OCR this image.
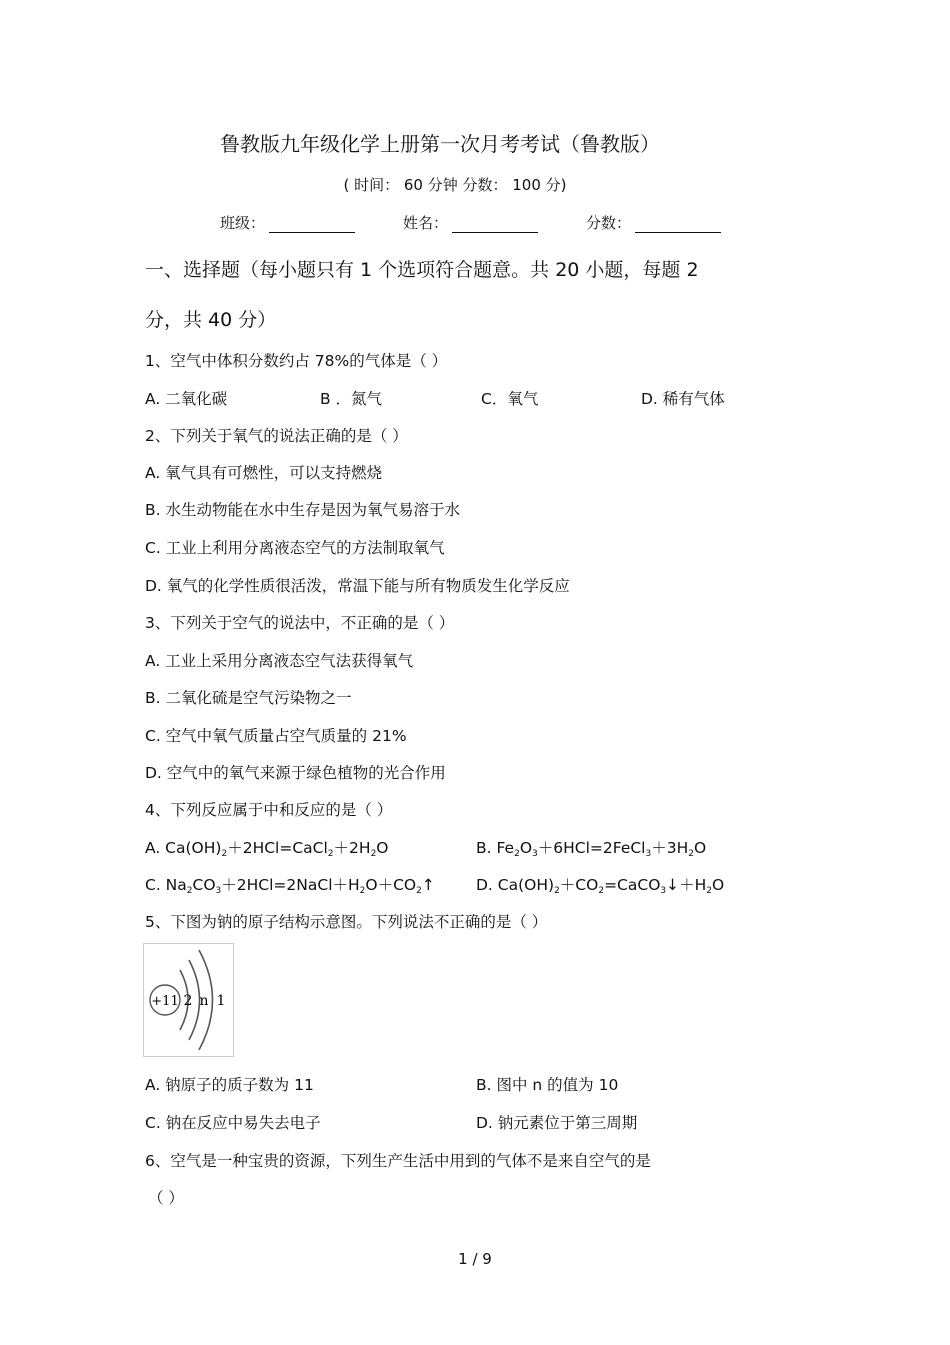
鲁教版九年级化学上册第一次月考考试（鲁教版）
( 时间： 60 分钟 分数： 100 分)
班级：	姓名：	分数：
一、选择题（每小题只有 1 个选项符合题意。共 20 小题，每题 2
分，共 40 分）
1、空气中体积分数约占 78%的气体是（ ）
A. 二氧化碳	B ．氮气	C．氧气	D. 稀有气体
2、下列关于氧气的说法正确的是（ ）
A. 氧气具有可燃性，可以支持燃烧
B. 水生动物能在水中生存是因为氧气易溶于水
C. 工业上利用分离液态空气的方法制取氧气
D. 氧气的化学性质很活泼，常温下能与所有物质发生化学反应
3、下列关于空气的说法中，不正确的是（ ）
A. 工业上采用分离液态空气法获得氧气
B. 二氧化硫是空气污染物之一
C. 空气中氧气质量占空气质量的 21%
D. 空气中的氧气来源于绿色植物的光合作用
4、下列反应属于中和反应的是（ ）
A. $Ca(OH)_2+2HCl=CaCl_2+2H_2O$	B. $Fe_2O_3+6HCl=2FeCl_3+3H_2O$
C. $Na_2CO_3+2HCl=2NaCl+H_2O+CO_2↑$	D. $Ca(OH)_2+CO_2=CaCO_3↓+H_2O$
5、下图为钠的原子结构示意图。下列说法不正确的是（ ）
+11 2 n 1
A. 钠原子的质子数为 11	B. 图中 n 的值为 10
C. 钠在反应中易失去电子	D. 钠元素位于第三周期
6、空气是一种宝贵的资源，下列生产生活中用到的气体不是来自空气的是
（ ）
1 / 9
